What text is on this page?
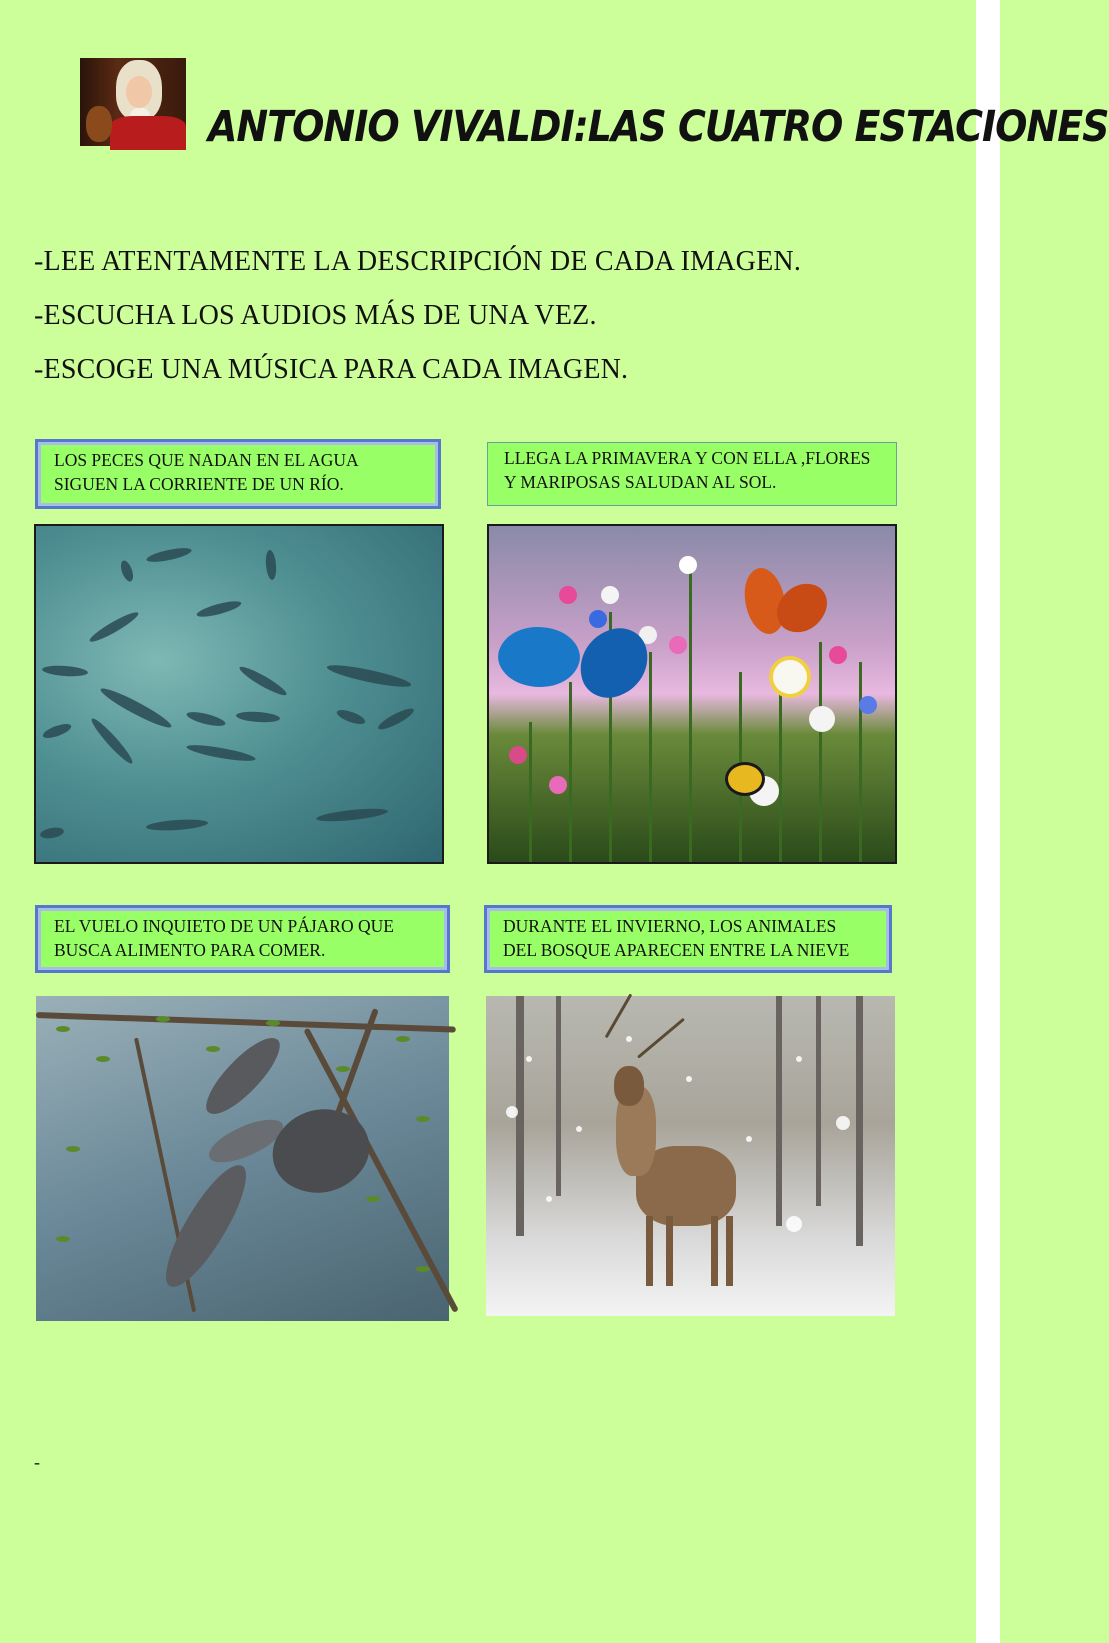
ANTONIO VIVALDI:LAS CUATRO ESTACIONES
-LEE ATENTAMENTE LA DESCRIPCIÓN DE CADA IMAGEN.
-ESCUCHA LOS AUDIOS MÁS DE UNA VEZ.
-ESCOGE UNA MÚSICA PARA CADA IMAGEN.
LOS PECES QUE NADAN EN EL AGUA
SIGUEN LA CORRIENTE DE UN RÍO.
LLEGA LA PRIMAVERA Y CON ELLA ,FLORES
Y MARIPOSAS SALUDAN AL SOL.
EL VUELO INQUIETO DE UN PÁJARO QUE
BUSCA ALIMENTO PARA COMER.
DURANTE EL INVIERNO, LOS ANIMALES
DEL BOSQUE APARECEN ENTRE LA NIEVE
-
